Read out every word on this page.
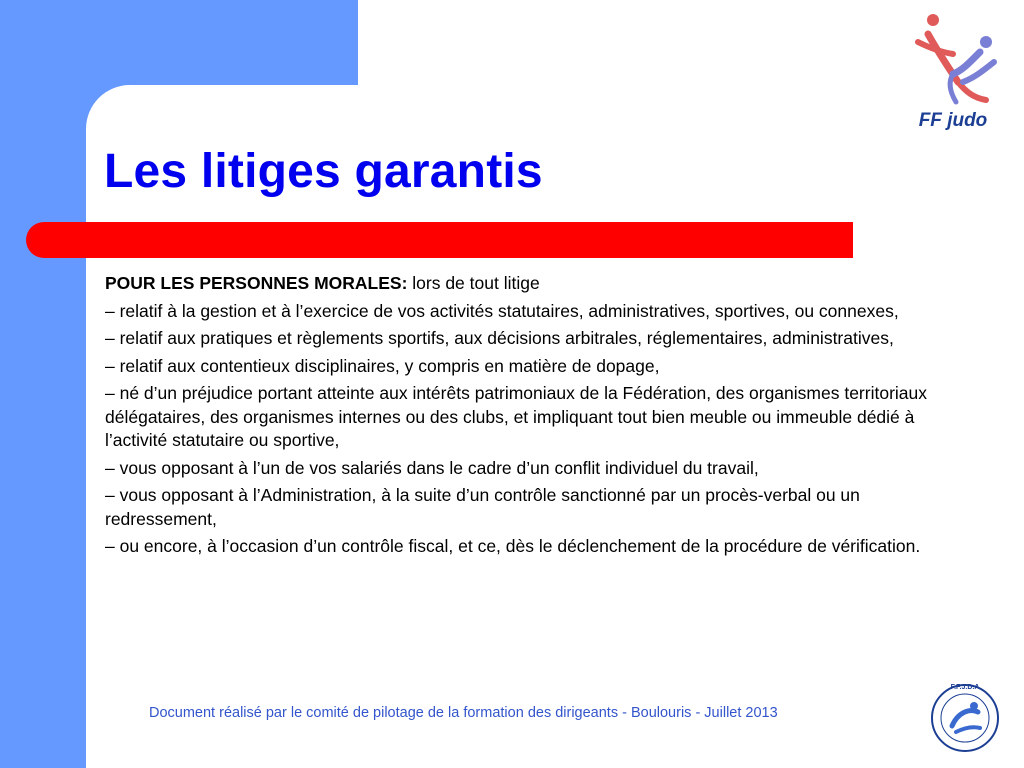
Les litiges garantis
FF judo

POUR LES PERSONNES MORALES: lors de tout litige

– relatif à la gestion et à l’exercice de vos activités statutaires, administratives, sportives, ou connexes,

– relatif aux pratiques et règlements sportifs, aux décisions arbitrales, réglementaires, administratives,

– relatif aux contentieux disciplinaires, y compris en matière de dopage,

– né d’un préjudice portant atteinte aux intérêts patrimoniaux de la Fédération, des organismes territoriaux délégataires, des organismes internes ou des clubs, et impliquant tout bien meuble ou immeuble dédié à l’activité statutaire ou sportive,

– vous opposant à l’un de vos salariés dans le cadre d’un conflit individuel du travail,

– vous opposant à l’Administration, à la suite d’un contrôle sanctionné par un procès-verbal ou un redressement,

– ou encore, à l’occasion d’un contrôle fiscal, et ce, dès le déclenchement de la procédure de vérification.

Document réalisé par le comité de pilotage de la formation des dirigeants - Boulouris - Juillet 2013
F.F.J.D.A
